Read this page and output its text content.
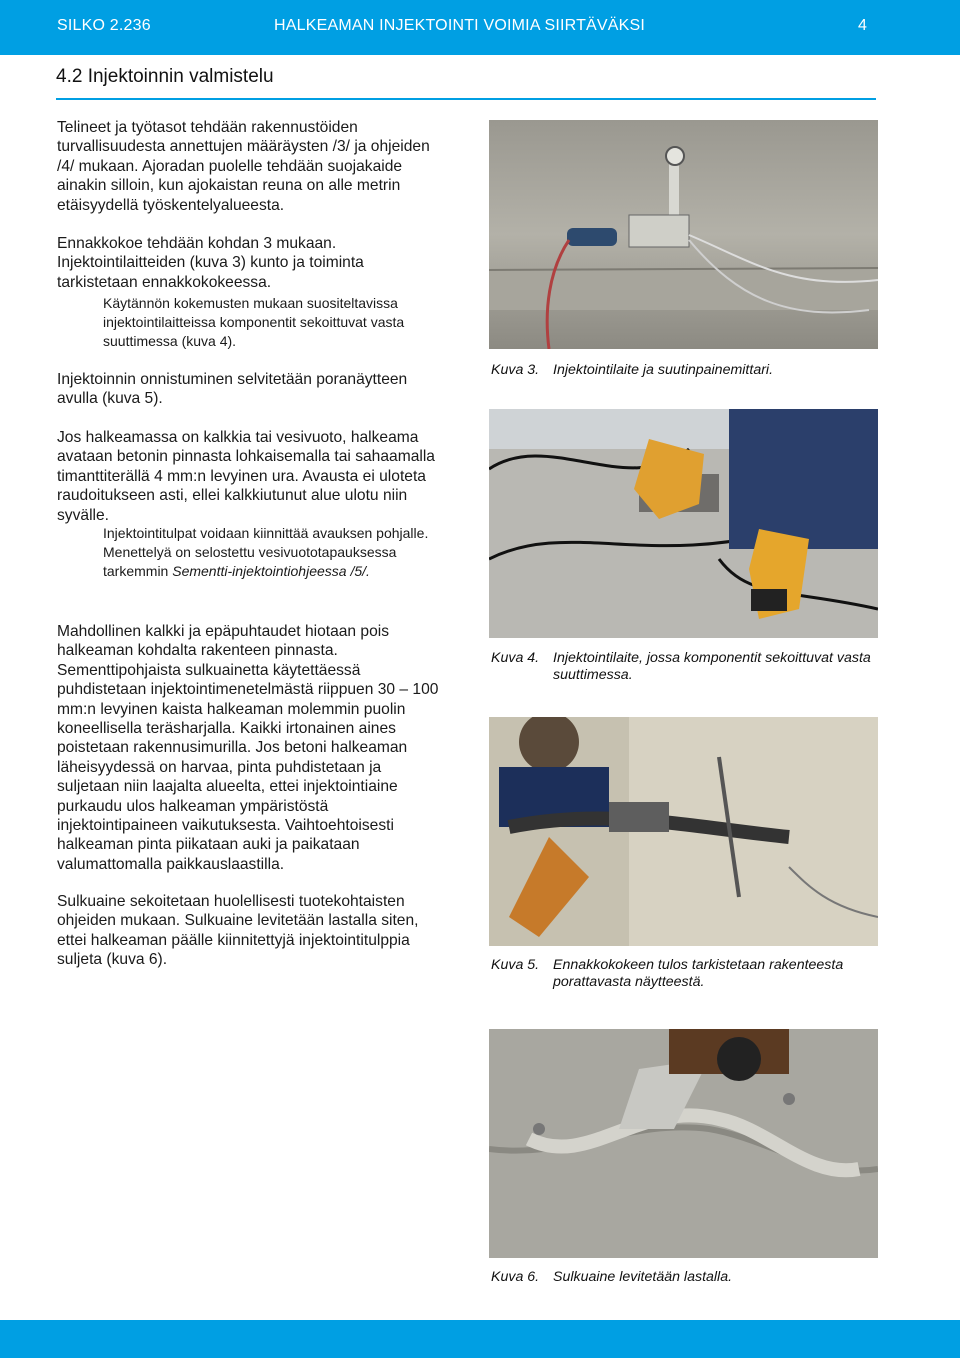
SILKO 2.236	HALKEAMAN INJEKTOINTI VOIMIA SIIRTÄVÄKSI	4
4.2 Injektoinnin valmistelu

Telineet ja työtasot tehdään rakennustöiden turvallisuudesta annettujen määräysten /3/ ja ohjeiden /4/ mukaan. Ajoradan puolelle tehdään suojakaide ainakin silloin, kun ajokaistan reuna on alle metrin etäisyydellä työskentelyalueesta.

Ennakkokoe tehdään kohdan 3 mukaan. Injektointilaitteiden (kuva 3) kunto ja toiminta tarkistetaan ennakkokokeessa.

Käytännön kokemusten mukaan suositeltavissa injektointilaitteissa komponentit sekoittuvat vasta suuttimessa (kuva 4).

Injektoinnin onnistuminen selvitetään poranäytteen avulla (kuva 5).

Jos halkeamassa on kalkkia tai vesivuoto, halkeama avataan betonin pinnasta lohkaisemalla tai sahaamalla timanttiterällä 4 mm:n levyinen ura. Avausta ei uloteta raudoitukseen asti, ellei kalkkiutunut alue ulotu niin syvälle.

Injektointitulpat voidaan kiinnittää avauksen pohjalle. Menettelyä on selostettu vesivuototapauksessa tarkemmin Sementti-injektointiohjeessa /5/.

Mahdollinen kalkki ja epäpuhtaudet hiotaan pois halkeaman kohdalta rakenteen pinnasta. Sementtipohjaista sulkuainetta käytettäessä puhdistetaan injektointimenetelmästä riippuen 30 – 100 mm:n levyinen kaista halkeaman molemmin puolin koneellisella teräsharjalla. Kaikki irtonainen aines poistetaan rakennusimurilla. Jos betoni halkeaman läheisyydessä on harvaa, pinta puhdistetaan ja suljetaan niin laajalta alueelta, ettei injektointiaine purkaudu ulos halkeaman ympäristöstä injektointipaineen vaikutuksesta. Vaihtoehtoisesti halkeaman pinta piikataan auki ja paikataan valumattomalla paikkauslaastilla.

Sulkuaine sekoitetaan huolellisesti tuotekohtaisten ohjeiden mukaan. Sulkuaine levitetään lastalla siten, ettei halkeaman päälle kiinnitettyjä injektointitulppia suljeta (kuva 6).

Kuva 3. Injektointilaite ja suutinpainemittari.
Kuva 4. Injektointilaite, jossa komponentit sekoittuvat vasta suuttimessa.
Kuva 5. Ennakkokokeen tulos tarkistetaan rakenteesta porattavasta näytteestä.
Kuva 6. Sulkuaine levitetään lastalla.
